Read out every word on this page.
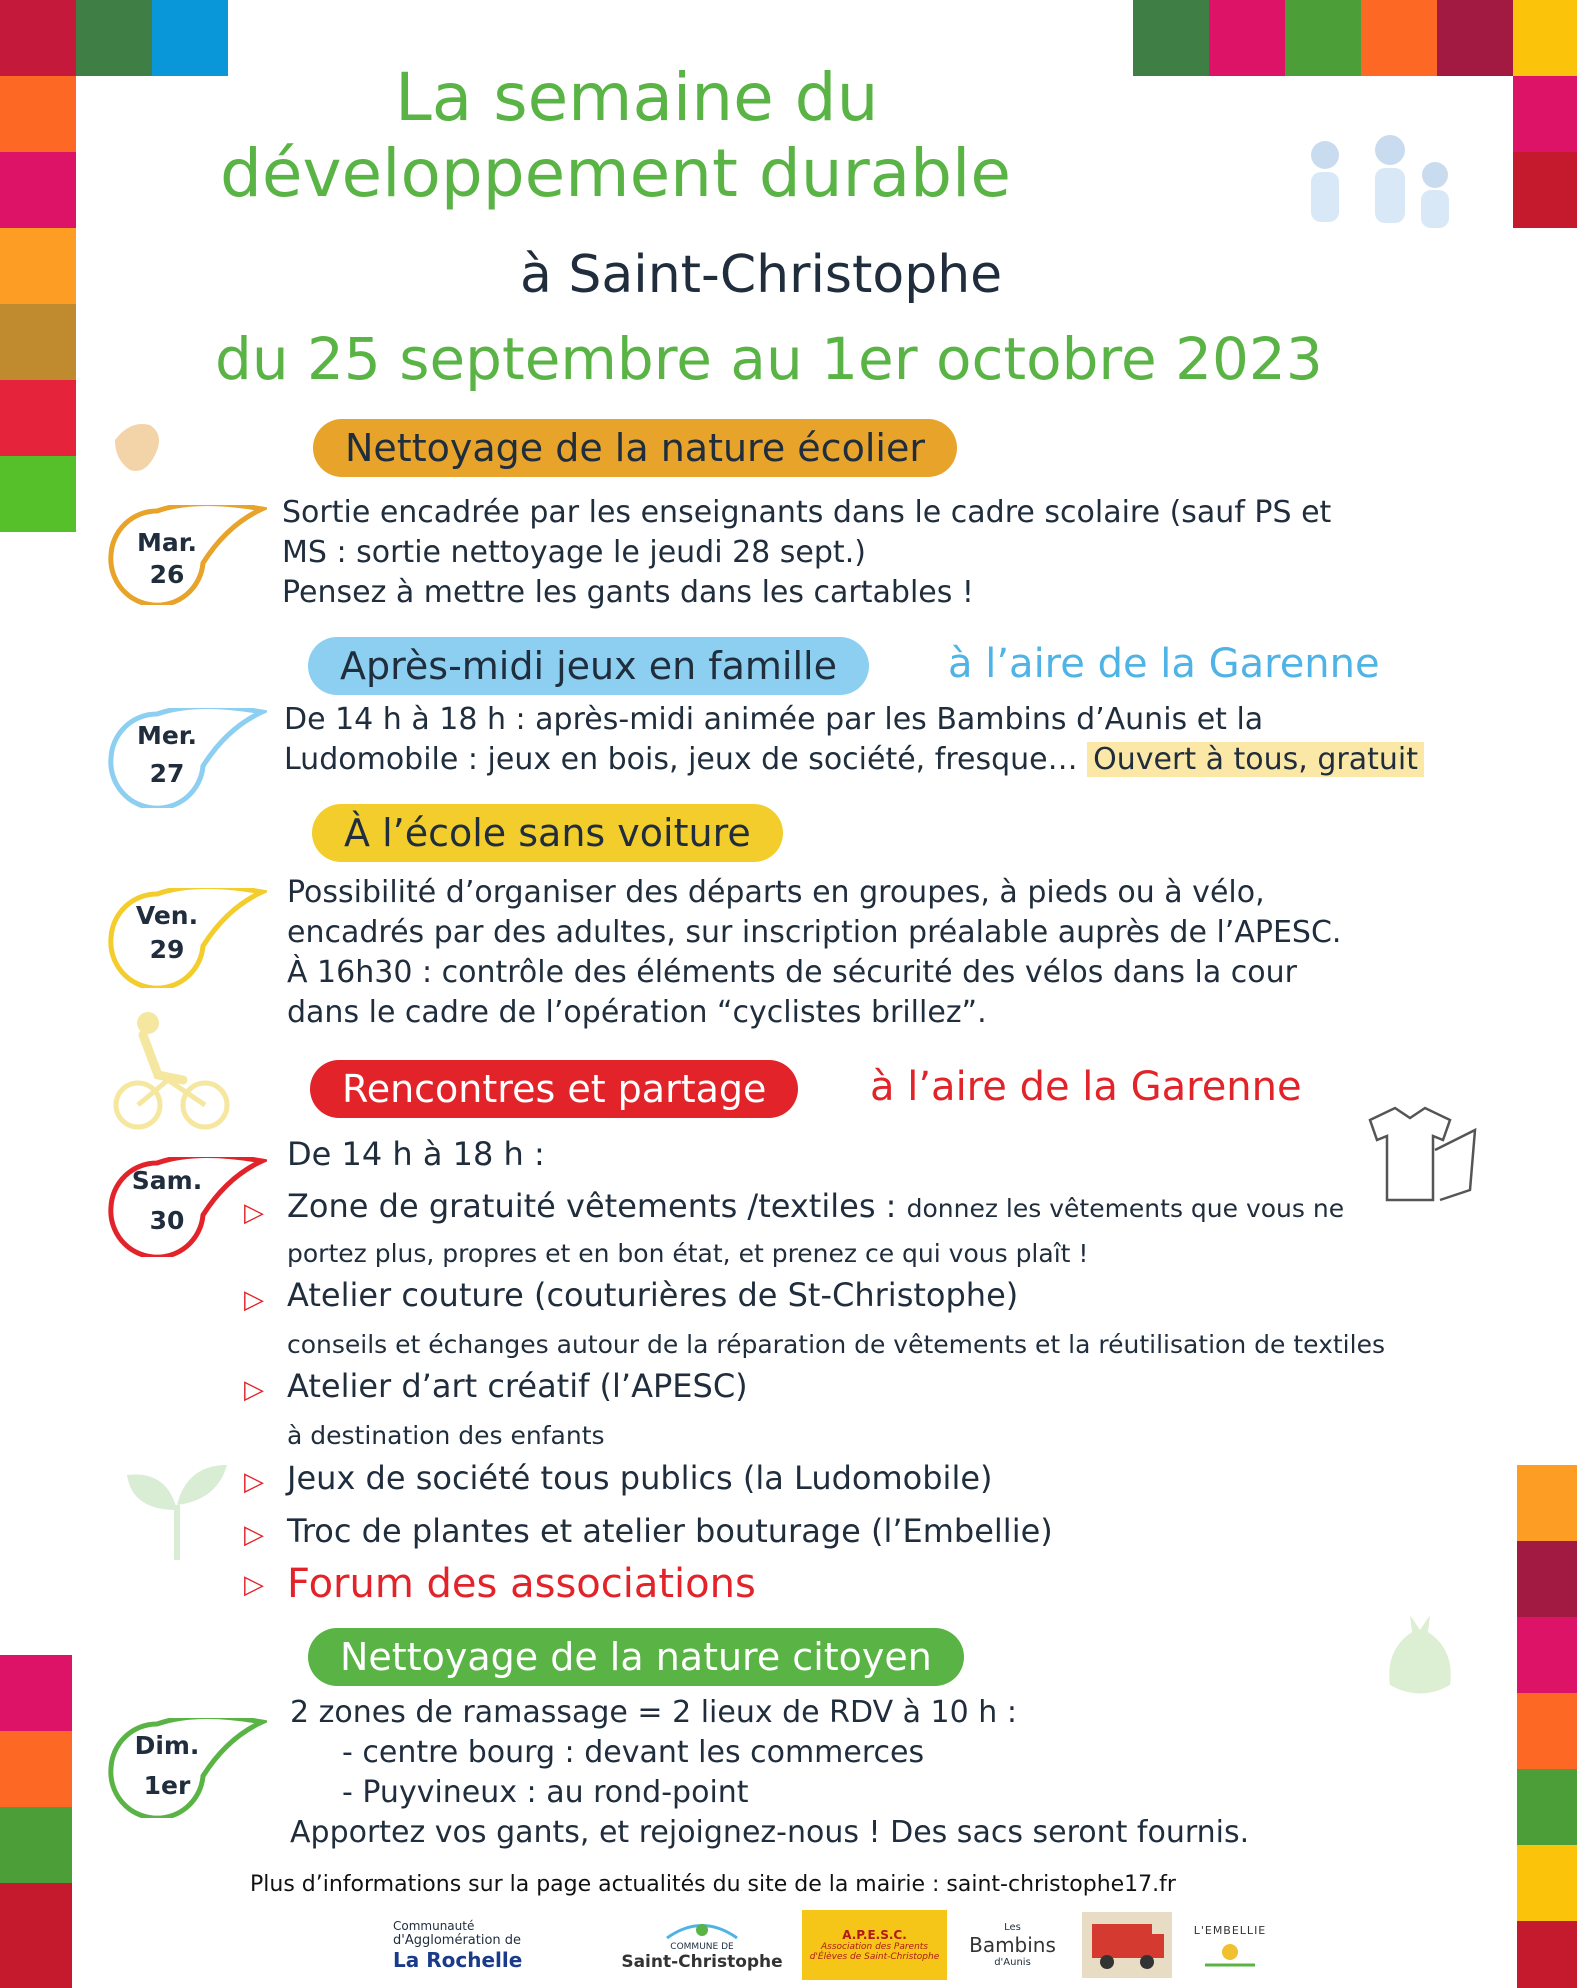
La semaine du
développement durable
à Saint-Christophe
du 25 septembre au 1er octobre 2023
Nettoyage de la nature écolier
Mar.
26
Sortie encadrée par les enseignants dans le cadre scolaire (sauf PS et
MS : sortie nettoyage le jeudi 28 sept.)
Pensez à mettre les gants dans les cartables !
Après-midi jeux en famille	à l’aire de la Garenne
Mer.
27
De 14 h à 18 h : après-midi animée par les Bambins d’Aunis et la
Ludomobile : jeux en bois, jeux de société, fresque… Ouvert à tous, gratuit
À l’école sans voiture
Ven.
29
Possibilité d’organiser des départs en groupes, à pieds ou à vélo,
encadrés par des adultes, sur inscription préalable auprès de l’APESC.
À 16h30 : contrôle des éléments de sécurité des vélos dans la cour
dans le cadre de l’opération “cyclistes brillez”.
Rencontres et partage	à l’aire de la Garenne
Sam.
30
De 14 h à 18 h :
▷ Zone de gratuité vêtements /textiles : donnez les vêtements que vous ne
portez plus, propres et en bon état, et prenez ce qui vous plaît !
▷ Atelier couture (couturières de St-Christophe)
conseils et échanges autour de la réparation de vêtements et la réutilisation de textiles
▷ Atelier d’art créatif (l’APESC)
à destination des enfants
▷ Jeux de société tous publics (la Ludomobile)
▷ Troc de plantes et atelier bouturage (l’Embellie)
▷ Forum des associations
Nettoyage de la nature citoyen
Dim.
1er
2 zones de ramassage = 2 lieux de RDV à 10 h :
- centre bourg : devant les commerces
- Puyvineux : au rond-point
Apportez vos gants, et rejoignez-nous ! Des sacs seront fournis.
Plus d’informations sur la page actualités du site de la mairie : saint-christophe17.fr
Communauté
d'Agglomération de
La Rochelle
COMMUNE DE
Saint-Christophe
A.P.E.S.C.
Association des Parents
d'Élèves de Saint-Christophe
Les
Bambins
d'Aunis
L'EMBELLIE
